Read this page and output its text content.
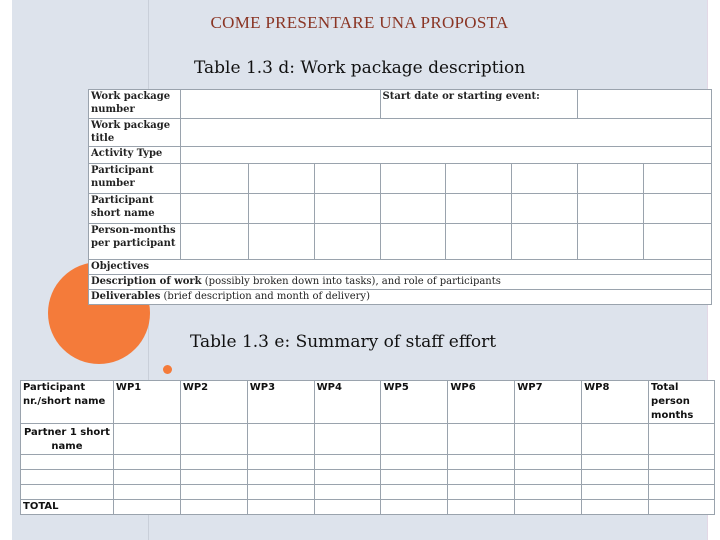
COME PRESENTARE UNA PROPOSTA
Table 1.3 d: Work package description
Work package number				Start date or starting event:				
Work package title								
Activity Type								
Participant number								
Participant short name								
Person-months per participant								
Objectives								
Description of work (possibly broken down into tasks), and role of participants								
Deliverables (brief description and month of delivery)								
Table 1.3 e: Summary of staff effort
Participant nr./short name	WP1	WP2	WP3	WP4	WP5	WP6	WP7	WP8	Total person months
Partner 1 short name									

TOTAL									
